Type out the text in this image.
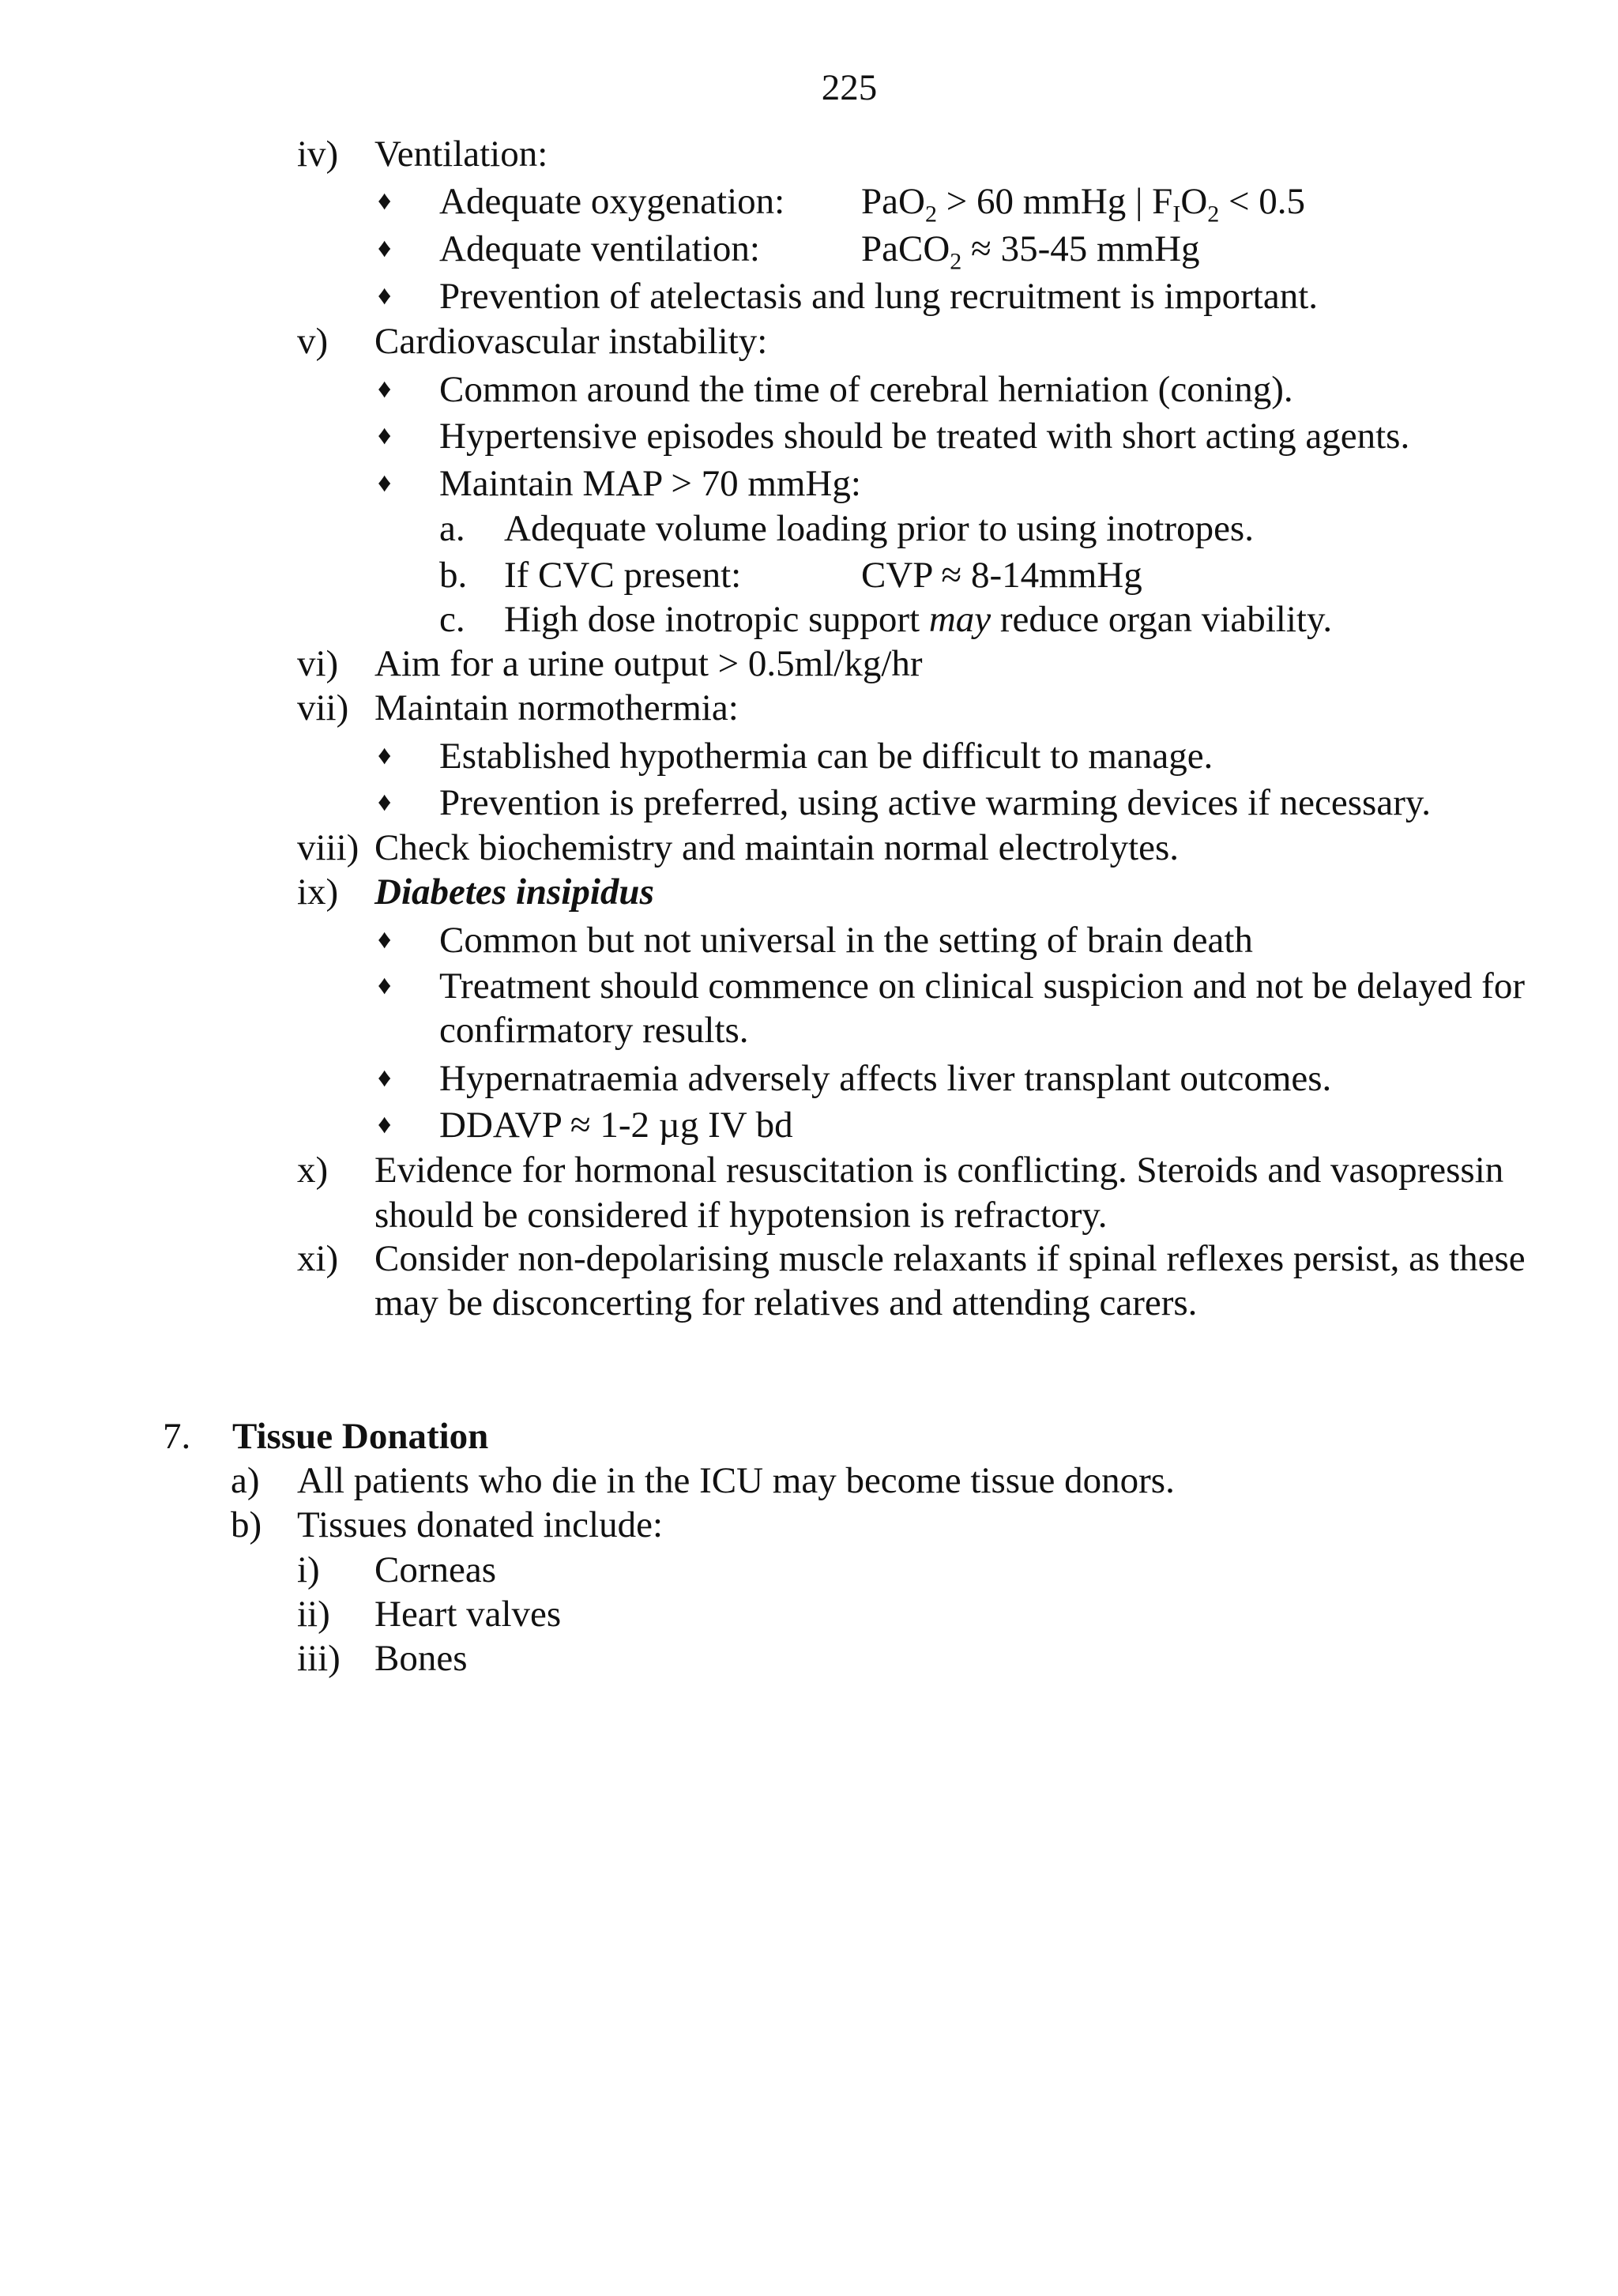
225
iv) Ventilation:
♦ Adequate oxygenation: PaO$_2$ > 60 mmHg | $F_IO_2 < 0.5$
♦ Adequate ventilation:	PaCO$_2$ ≈ 35-45 mmHg
♦ Prevention of atelectasis and lung recruitment is important.
v) Cardiovascular instability:
♦ Common around the time of cerebral herniation (coning).
♦ Hypertensive episodes should be treated with short acting agents.
♦ Maintain MAP > 70 mmHg:
a. Adequate volume loading prior to using inotropes.
b. If CVC present:	CVP ≈ 8-14mmHg
c. High dose inotropic support may reduce organ viability.
vi) Aim for a urine output > 0.5ml/kg/hr
vii) Maintain normothermia:
♦ Established hypothermia can be difficult to manage.
♦ Prevention is preferred, using active warming devices if necessary.
viii) Check biochemistry and maintain normal electrolytes.
ix) Diabetes insipidus
♦ Common but not universal in the setting of brain death
♦ Treatment should commence on clinical suspicion and not be delayed for
confirmatory results.
♦ Hypernatraemia adversely affects liver transplant outcomes.
♦ DDAVP ≈ 1-2 µg IV bd
x) Evidence for hormonal resuscitation is conflicting. Steroids and vasopressin
should be considered if hypotension is refractory.
xi) Consider non-depolarising muscle relaxants if spinal reflexes persist, as these
may be disconcerting for relatives and attending carers.
7. Tissue Donation
a) All patients who die in the ICU may become tissue donors.
b) Tissues donated include:
i) Corneas
ii) Heart valves
iii) Bones
